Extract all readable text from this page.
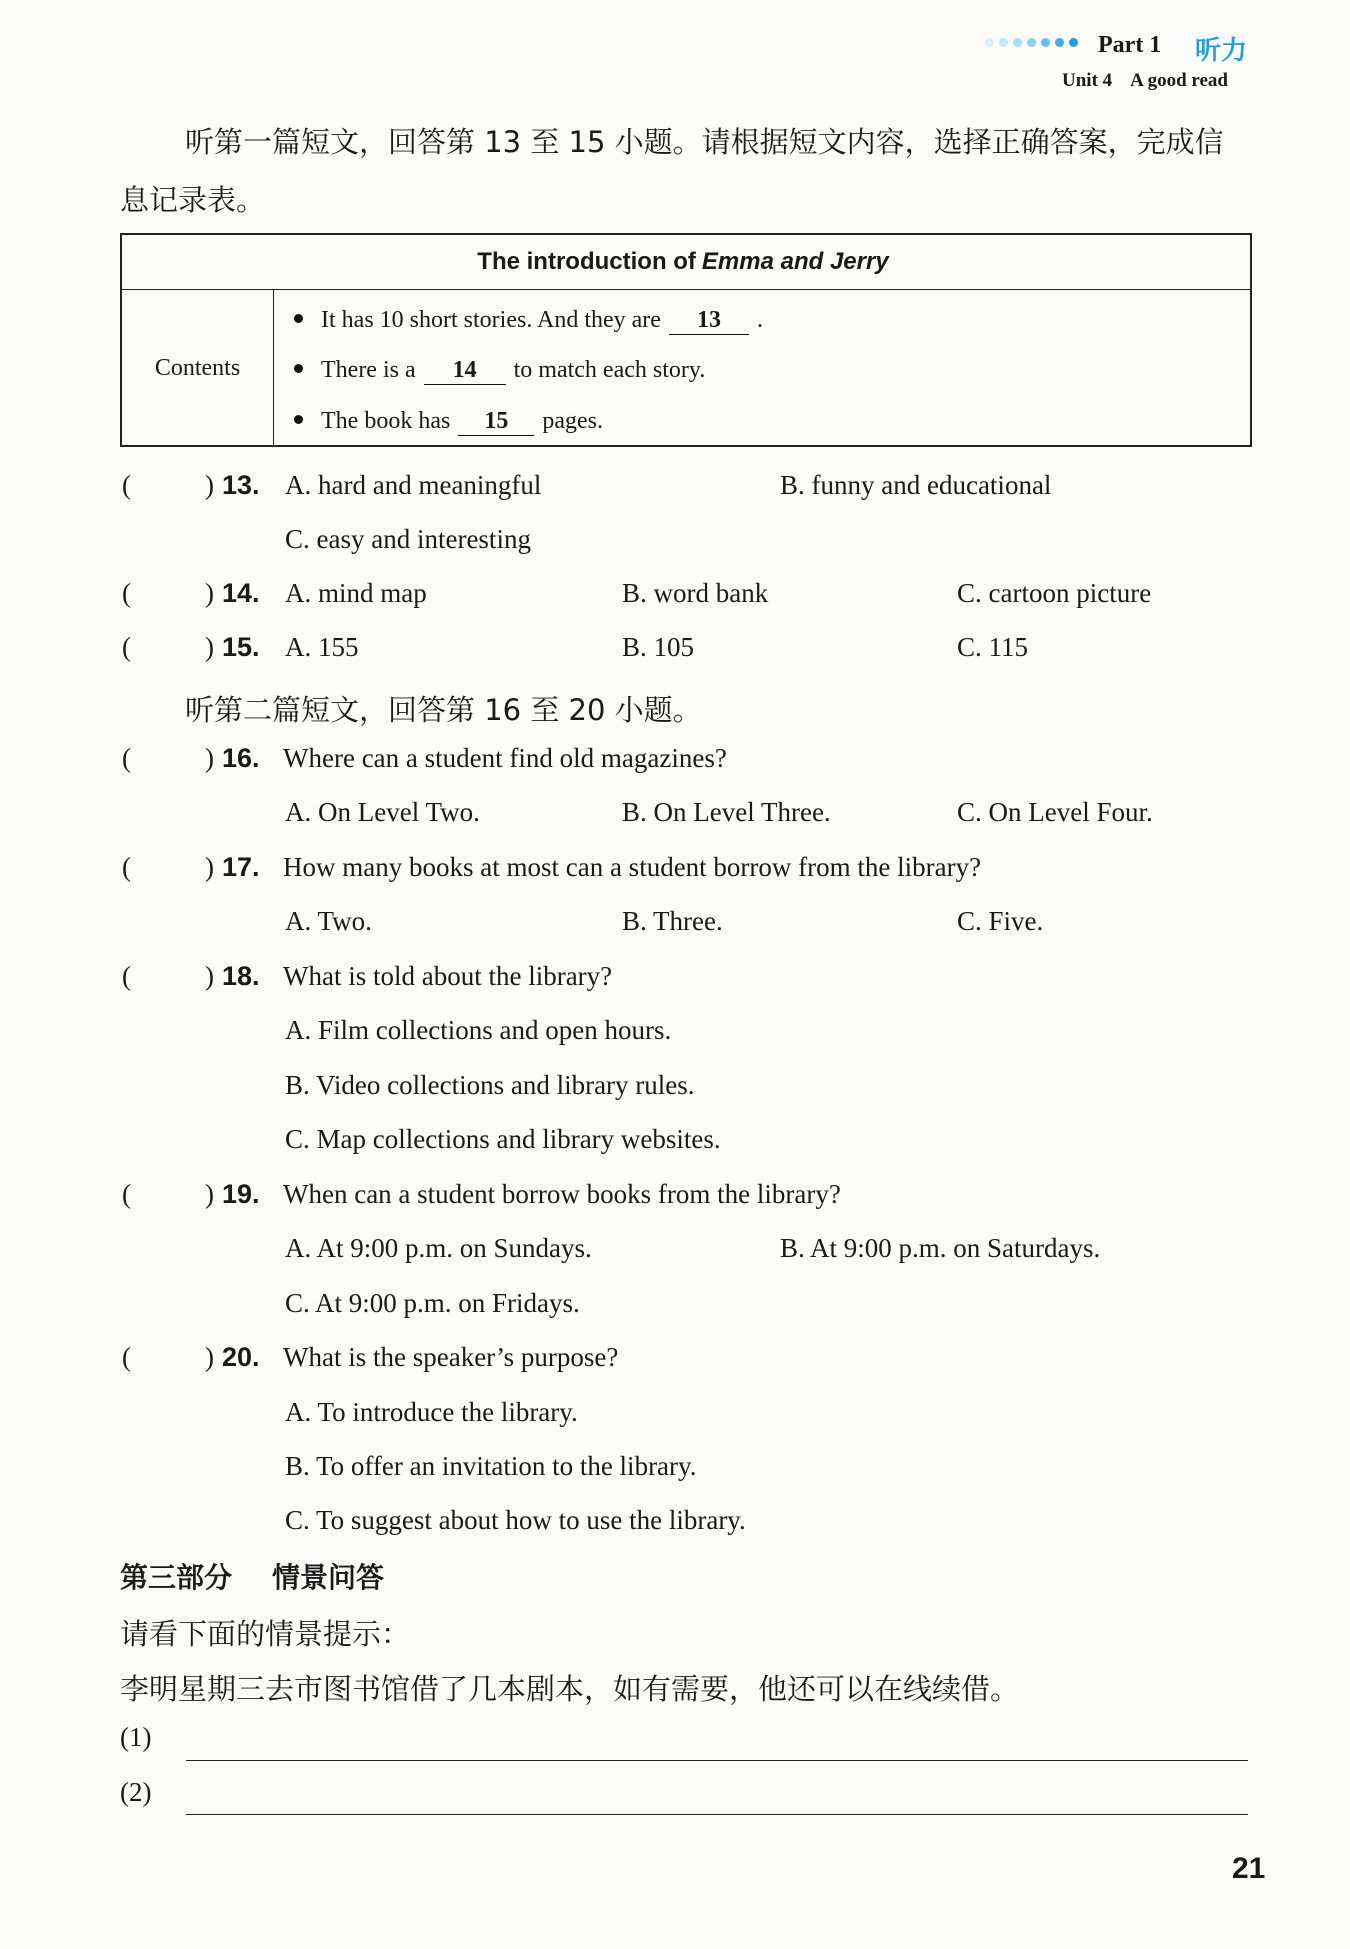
Part 1 听力
Unit 4 A good read
听第一篇短文，回答第 13 至 15 小题。请根据短文内容，选择正确答案，完成信
息记录表。
The introduction of Emma and Jerry
Contents
It has 10 short stories. And they are 13 .
There is a 14 to match each story.
The book has 15 pages.
(	) 13. A. hard and meaningful	B. funny and educational
C. easy and interesting
(	) 14. A. mind map	B. word bank	C. cartoon picture
(	) 15. A. 155	B. 105	C. 115
听第二篇短文，回答第 16 至 20 小题。
(	) 16. Where can a student find old magazines?
A. On Level Two.	B. On Level Three.	C. On Level Four.
(	) 17. How many books at most can a student borrow from the library?
A. Two.	B. Three.	C. Five.
(	) 18. What is told about the library?
A. Film collections and open hours.
B. Video collections and library rules.
C. Map collections and library websites.
(	) 19. When can a student borrow books from the library?
A. At 9:00 p.m. on Sundays.	B. At 9:00 p.m. on Saturdays.
C. At 9:00 p.m. on Fridays.
(	) 20. What is the speaker’s purpose?
A. To introduce the library.
B. To offer an invitation to the library.
C. To suggest about how to use the library.
第三部分 情景问答
请看下面的情景提示：
李明星期三去市图书馆借了几本剧本，如有需要，他还可以在线续借。
(1)
(2)
21
